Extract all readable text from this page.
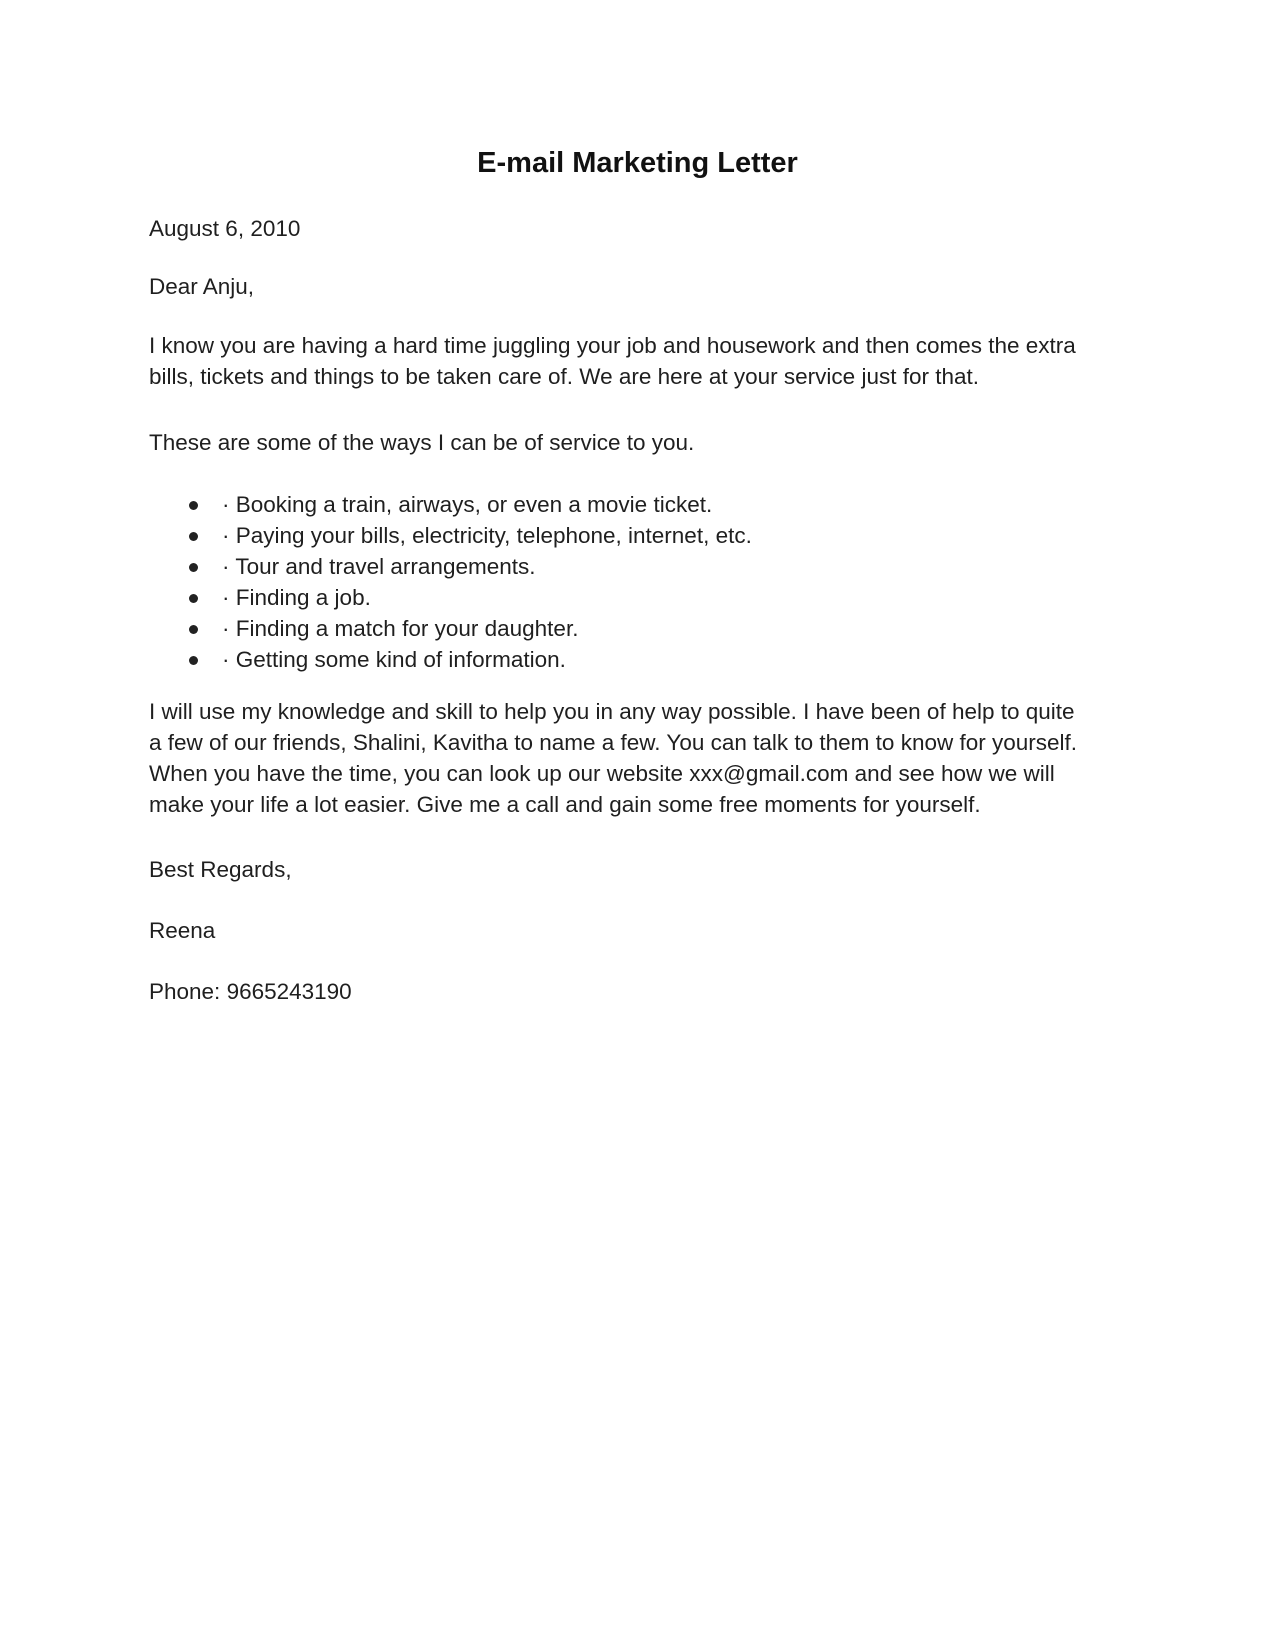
E-mail Marketing Letter

August 6, 2010

Dear Anju,

I know you are having a hard time juggling your job and housework and then comes the extra
bills, tickets and things to be taken care of. We are here at your service just for that.

These are some of the ways I can be of service to you.

· Booking a train, airways, or even a movie ticket.
· Paying your bills, electricity, telephone, internet, etc.
· Tour and travel arrangements.
· Finding a job.
· Finding a match for your daughter.
· Getting some kind of information.

I will use my knowledge and skill to help you in any way possible. I have been of help to quite
a few of our friends, Shalini, Kavitha to name a few. You can talk to them to know for yourself.
When you have the time, you can look up our website xxx@gmail.com and see how we will
make your life a lot easier. Give me a call and gain some free moments for yourself.

Best Regards,

Reena

Phone: 9665243190
